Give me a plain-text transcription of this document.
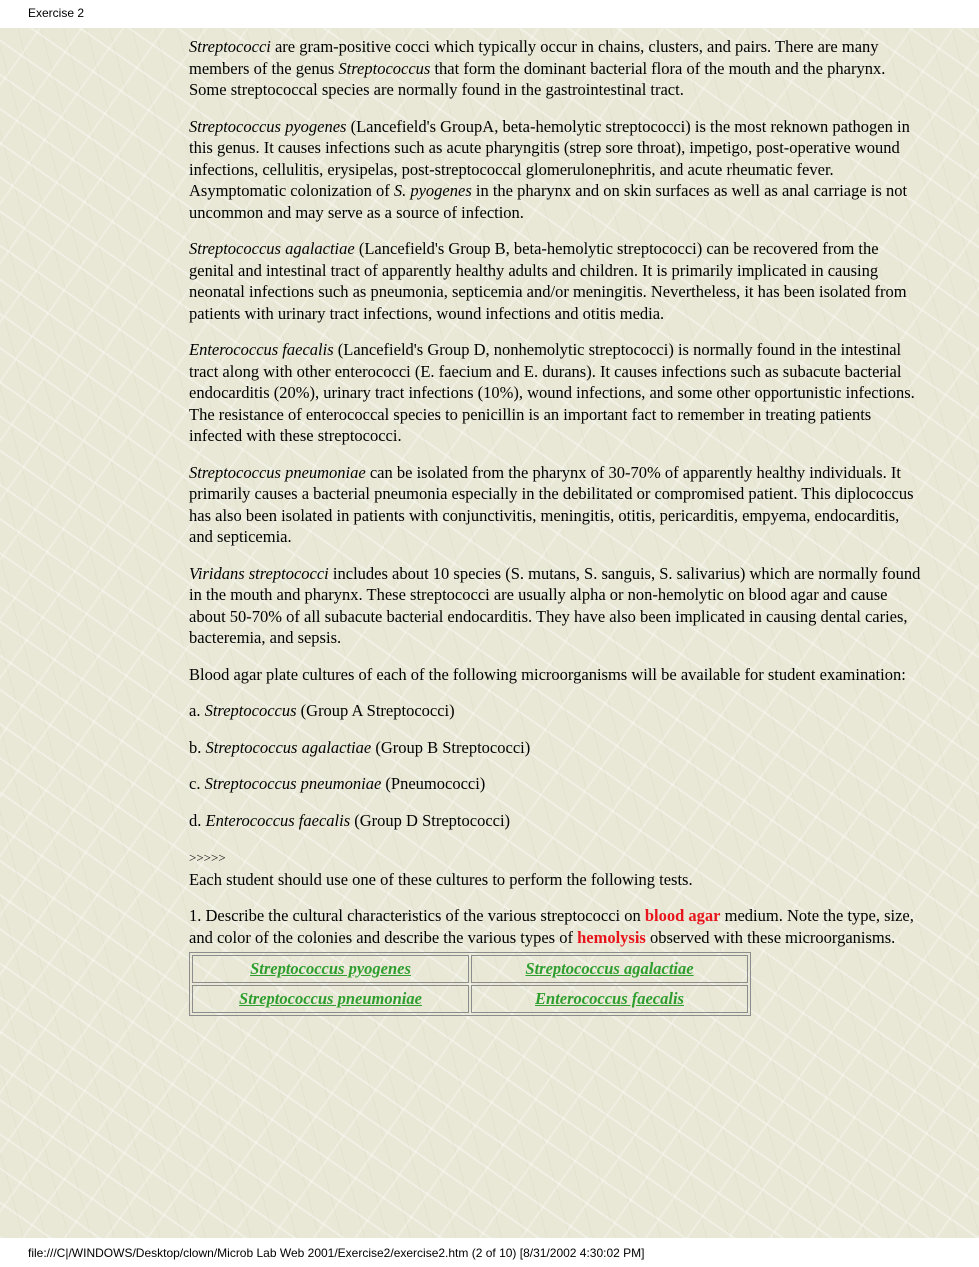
Exercise 2

Streptococci are gram-positive cocci which typically occur in chains, clusters, and pairs. There are many members of the genus Streptococcus that form the dominant bacterial flora of the mouth and the pharynx. Some streptococcal species are normally found in the gastrointestinal tract.

Streptococcus pyogenes (Lancefield's GroupA, beta-hemolytic streptococci) is the most reknown pathogen in this genus. It causes infections such as acute pharyngitis (strep sore throat), impetigo, post-operative wound infections, cellulitis, erysipelas, post-streptococcal glomerulonephritis, and acute rheumatic fever. Asymptomatic colonization of S. pyogenes in the pharynx and on skin surfaces as well as anal carriage is not uncommon and may serve as a source of infection.

Streptococcus agalactiae (Lancefield's Group B, beta-hemolytic streptococci) can be recovered from the genital and intestinal tract of apparently healthy adults and children. It is primarily implicated in causing neonatal infections such as pneumonia, septicemia and/or meningitis. Nevertheless, it has been isolated from patients with urinary tract infections, wound infections and otitis media.

Enterococcus faecalis (Lancefield's Group D, nonhemolytic streptococci) is normally found in the intestinal tract along with other enterococci (E. faecium and E. durans). It causes infections such as subacute bacterial endocarditis (20%), urinary tract infections (10%), wound infections, and some other opportunistic infections. The resistance of enterococcal species to penicillin is an important fact to remember in treating patients infected with these streptococci.

Streptococcus pneumoniae can be isolated from the pharynx of 30-70% of apparently healthy individuals. It primarily causes a bacterial pneumonia especially in the debilitated or compromised patient. This diplococcus has also been isolated in patients with conjunctivitis, meningitis, otitis, pericarditis, empyema, endocarditis, and septicemia.

Viridans streptococci includes about 10 species (S. mutans, S. sanguis, S. salivarius) which are normally found in the mouth and pharynx. These streptococci are usually alpha or non-hemolytic on blood agar and cause about 50-70% of all subacute bacterial endocarditis. They have also been implicated in causing dental caries, bacteremia, and sepsis.

Blood agar plate cultures of each of the following microorganisms will be available for student examination:

a. Streptococcus (Group A Streptococci)

b. Streptococcus agalactiae (Group B Streptococci)

c. Streptococcus pneumoniae (Pneumococci)

d. Enterococcus faecalis (Group D Streptococci)

>>>>>
Each student should use one of these cultures to perform the following tests.

1. Describe the cultural characteristics of the various streptococci on blood agar medium. Note the type, size, and color of the colonies and describe the various types of hemolysis observed with these microorganisms.

Streptococcus pyogenes	Streptococcus agalactiae
Streptococcus pneumoniae	Enterococcus faecalis
file:///C|/WINDOWS/Desktop/clown/Microb Lab Web 2001/Exercise2/exercise2.htm (2 of 10) [8/31/2002 4:30:02 PM]
